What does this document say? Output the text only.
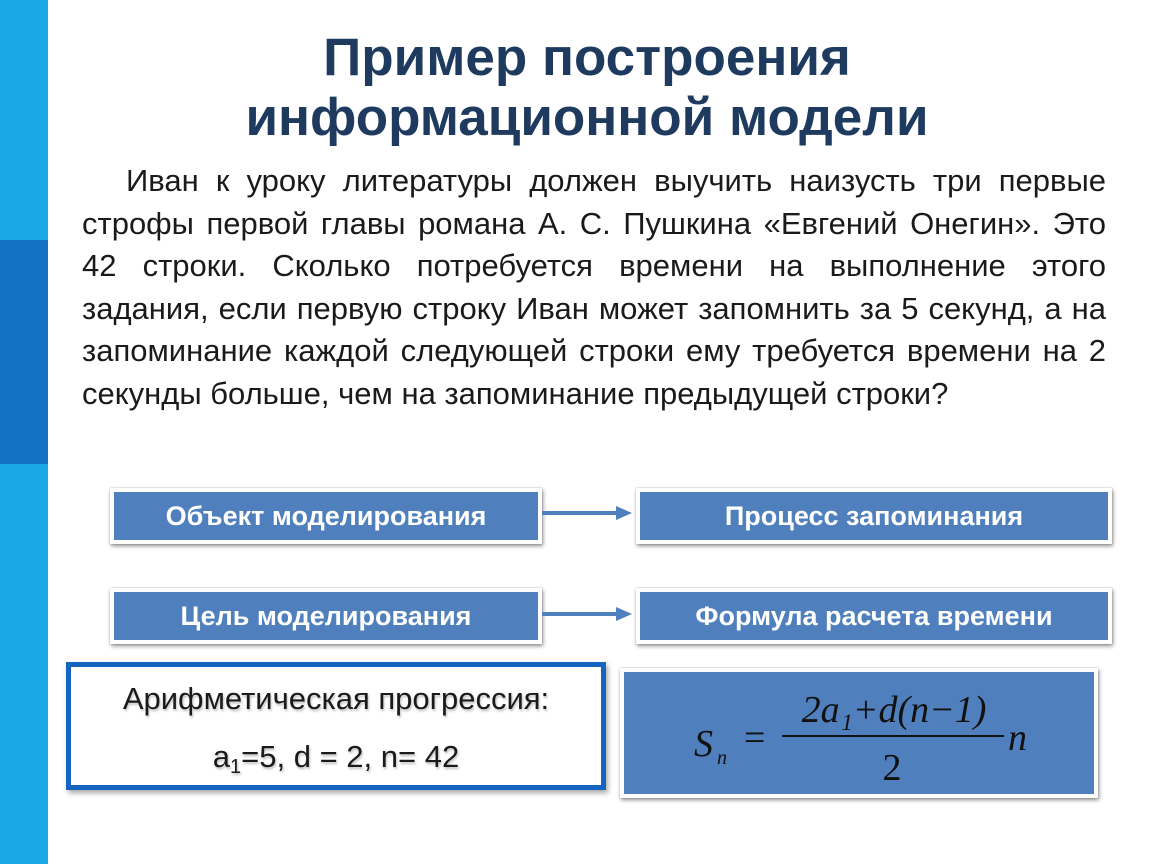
Пример построения
информационной модели
Иван к уроку литературы должен выучить наизусть три первые строфы первой главы романа А. С. Пушкина «Евгений Онегин». Это 42 строки. Сколько потребуется времени на выполнение этого задания, если первую строку Иван может запомнить за 5 секунд, а на запоминание каждой следующей строки ему требуется времени на 2 секунды больше, чем на запоминание предыдущей строки?
Объект моделирования	Процесс запоминания
Цель моделирования	Формула расчета времени
Арифметическая прогрессия:
$a_1=5$, d = 2, n= 42	S n =
2a₁+d(n−1)
2
n
